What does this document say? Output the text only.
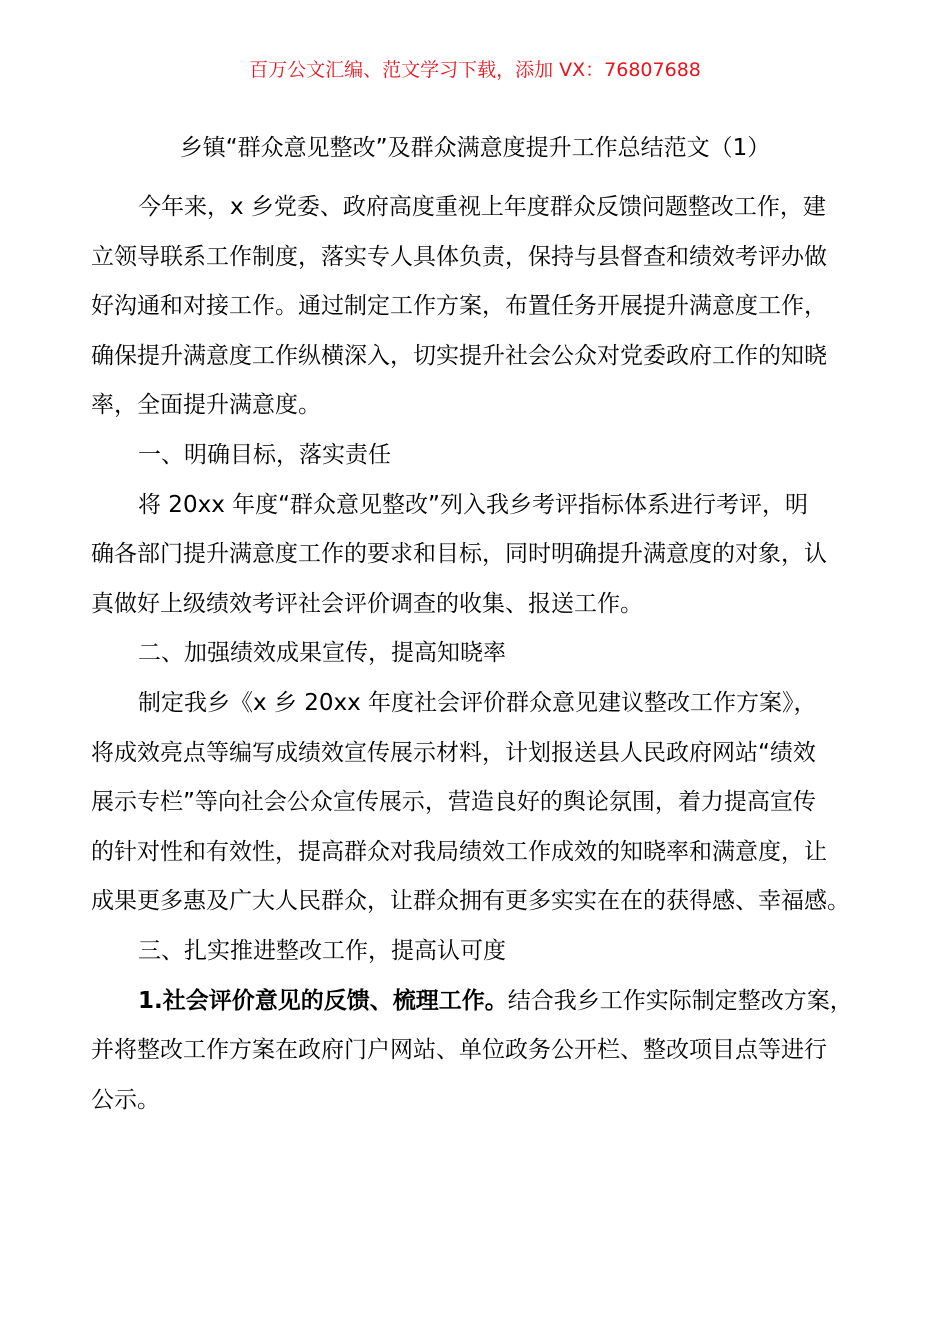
百万公文汇编、范文学习下载，添加 VX：76807688
乡镇“群众意见整改”及群众满意度提升工作总结范文（1）
今年来，x 乡党委、政府高度重视上年度群众反馈问题整改工作，建
立领导联系工作制度，落实专人具体负责，保持与县督查和绩效考评办做
好沟通和对接工作。通过制定工作方案，布置任务开展提升满意度工作，
确保提升满意度工作纵横深入，切实提升社会公众对党委政府工作的知晓
率，全面提升满意度。
一、明确目标，落实责任
将 20xx 年度“群众意见整改”列入我乡考评指标体系进行考评，明
确各部门提升满意度工作的要求和目标，同时明确提升满意度的对象，认
真做好上级绩效考评社会评价调查的收集、报送工作。
二、加强绩效成果宣传，提高知晓率
制定我乡《x 乡 20xx 年度社会评价群众意见建议整改工作方案》，
将成效亮点等编写成绩效宣传展示材料，计划报送县人民政府网站“绩效
展示专栏”等向社会公众宣传展示，营造良好的舆论氛围，着力提高宣传
的针对性和有效性，提高群众对我局绩效工作成效的知晓率和满意度，让
成果更多惠及广大人民群众，让群众拥有更多实实在在的获得感、幸福感。
三、扎实推进整改工作，提高认可度
1.社会评价意见的反馈、梳理工作。结合我乡工作实际制定整改方案，
并将整改工作方案在政府门户网站、单位政务公开栏、整改项目点等进行
公示。
